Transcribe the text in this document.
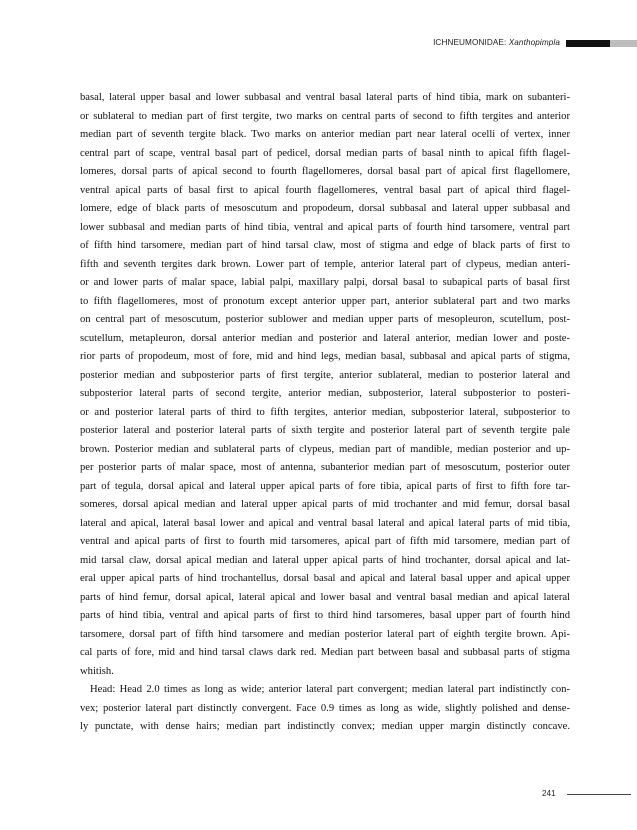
ICHNEUMONIDAE: Xanthopimpla
basal, lateral upper basal and lower subbasal and ventral basal lateral parts of hind tibia, mark on subanteri-
or sublateral to median part of first tergite, two marks on central parts of second to fifth tergites and anterior
median part of seventh tergite black. Two marks on anterior median part near lateral ocelli of vertex, inner
central part of scape, ventral basal part of pedicel, dorsal median parts of basal ninth to apical fifth flagel-
lomeres, dorsal parts of apical second to fourth flagellomeres, dorsal basal part of apical first flagellomere,
ventral apical parts of basal first to apical fourth flagellomeres, ventral basal part of apical third flagel-
lomere, edge of black parts of mesoscutum and propodeum, dorsal subbasal and lateral upper subbasal and
lower subbasal and median parts of hind tibia, ventral and apical parts of fourth hind tarsomere, ventral part
of fifth hind tarsomere, median part of hind tarsal claw, most of stigma and edge of black parts of first to
fifth and seventh tergites dark brown. Lower part of temple, anterior lateral part of clypeus, median anteri-
or and lower parts of malar space, labial palpi, maxillary palpi, dorsal basal to subapical parts of basal first
to fifth flagellomeres, most of pronotum except anterior upper part, anterior sublateral part and two marks
on central part of mesoscutum, posterior sublower and median upper parts of mesopleuron, scutellum, post-
scutellum, metapleuron, dorsal anterior median and posterior and lateral anterior, median lower and poste-
rior parts of propodeum, most of fore, mid and hind legs, median basal, subbasal and apical parts of stigma,
posterior median and subposterior parts of first tergite, anterior sublateral, median to posterior lateral and
subposterior lateral parts of second tergite, anterior median, subposterior, lateral subposterior to posteri-
or and posterior lateral parts of third to fifth tergites, anterior median, subposterior lateral, subposterior to
posterior lateral and posterior lateral parts of sixth tergite and posterior lateral part of seventh tergite pale
brown. Posterior median and sublateral parts of clypeus, median part of mandible, median posterior and up-
per posterior parts of malar space, most of antenna, subanterior median part of mesoscutum, posterior outer
part of tegula, dorsal apical and lateral upper apical parts of fore tibia, apical parts of first to fifth fore tar-
someres, dorsal apical median and lateral upper apical parts of mid trochanter and mid femur, dorsal basal
lateral and apical, lateral basal lower and apical and ventral basal lateral and apical lateral parts of mid tibia,
ventral and apical parts of first to fourth mid tarsomeres, apical part of fifth mid tarsomere, median part of
mid tarsal claw, dorsal apical median and lateral upper apical parts of hind trochanter, dorsal apical and lat-
eral upper apical parts of hind trochantellus, dorsal basal and apical and lateral basal upper and apical upper
parts of hind femur, dorsal apical, lateral apical and lower basal and ventral basal median and apical lateral
parts of hind tibia, ventral and apical parts of first to third hind tarsomeres, basal upper part of fourth hind
tarsomere, dorsal part of fifth hind tarsomere and median posterior lateral part of eighth tergite brown. Api-
cal parts of fore, mid and hind tarsal claws dark red. Median part between basal and subbasal parts of stigma
whitish.
Head: Head 2.0 times as long as wide; anterior lateral part convergent; median lateral part indistinctly con-
vex; posterior lateral part distinctly convergent. Face 0.9 times as long as wide, slightly polished and dense-
ly punctate, with dense hairs; median part indistinctly convex; median upper margin distinctly concave.
241
